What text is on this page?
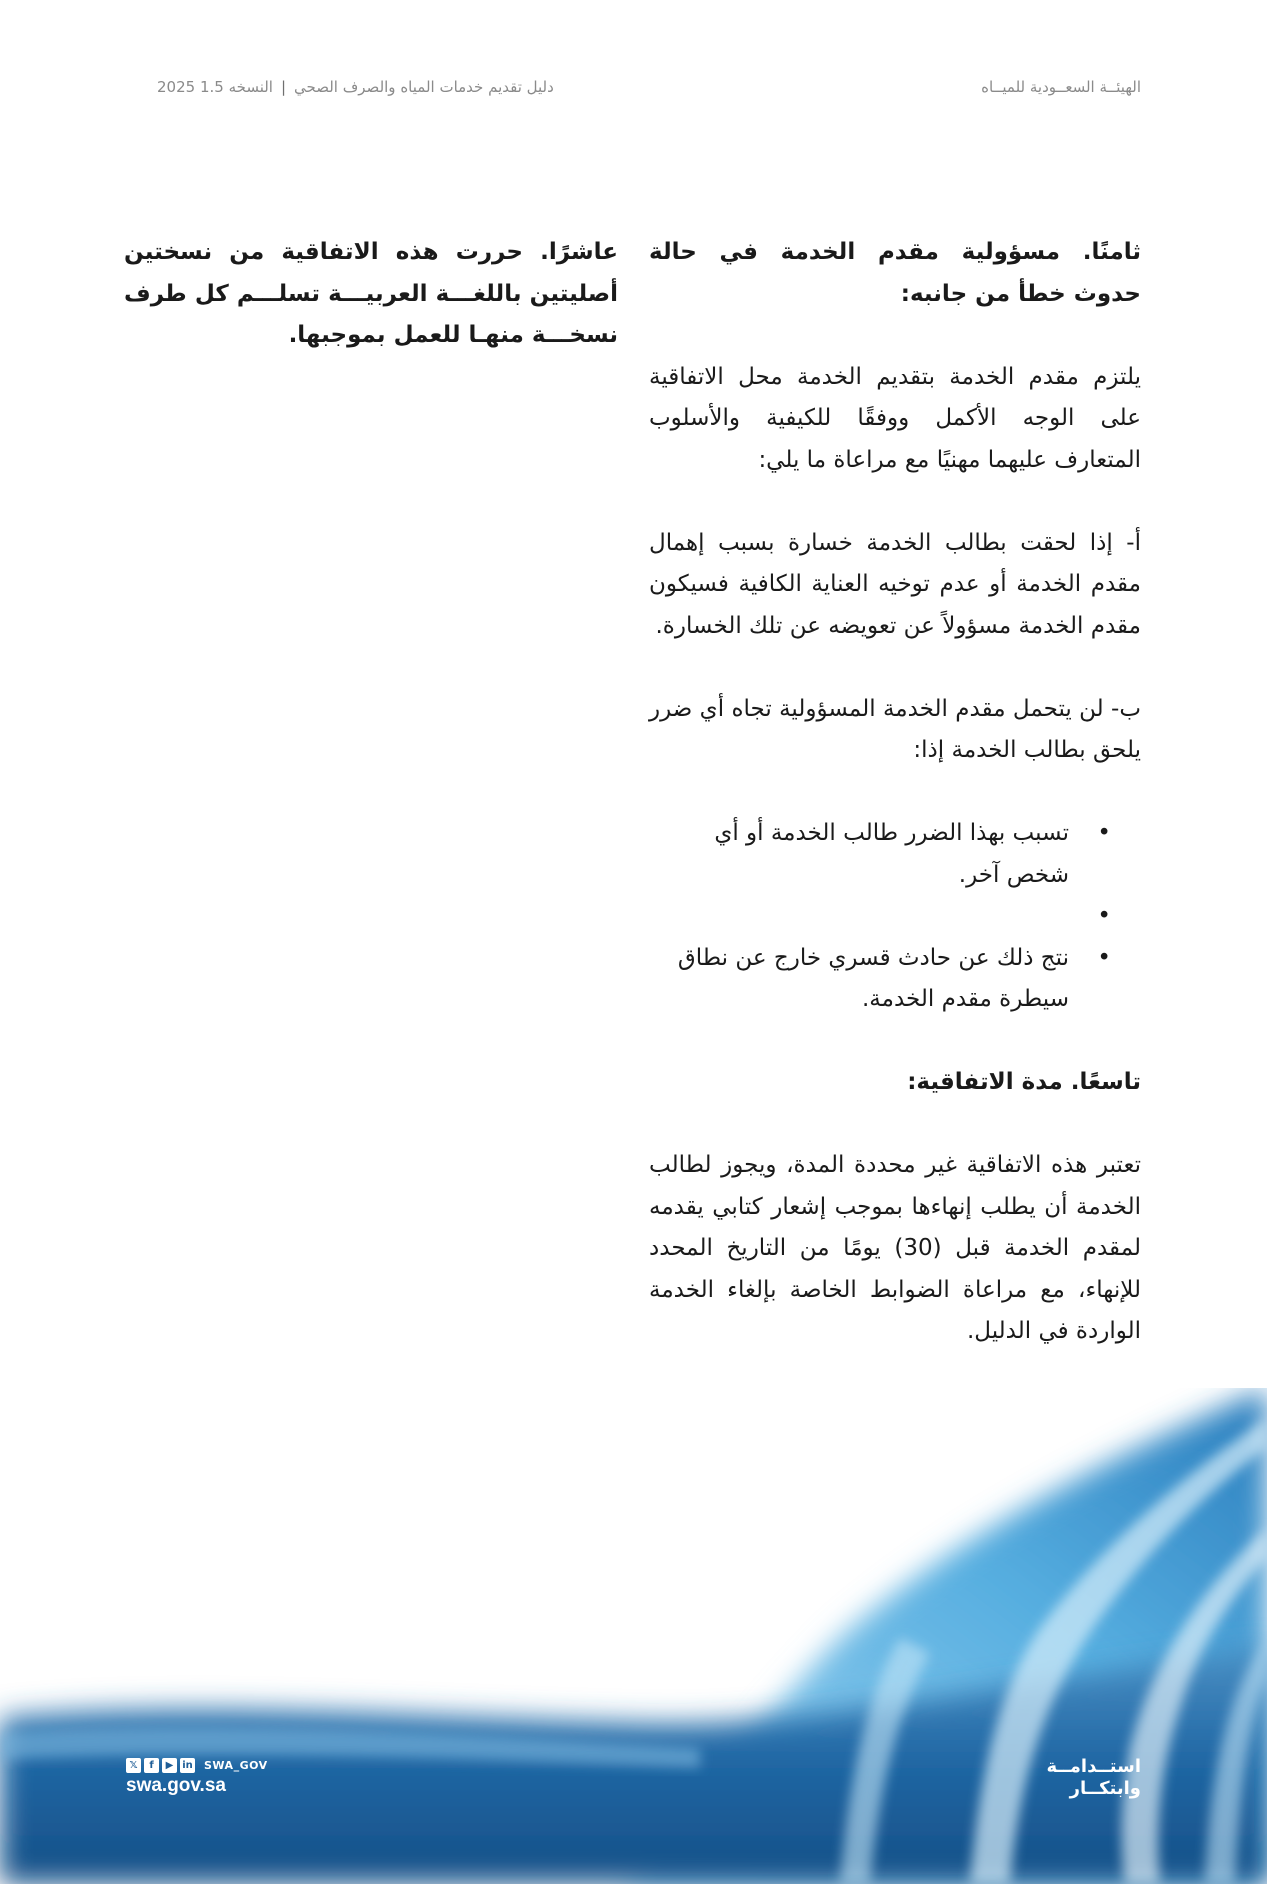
الهيئــة السعــودية للميــاه
دليل تقديم خدمات المياه والصرف الصحي|النسخه 1.5 2025

ثامنًا. مسؤولية مقدم الخدمة في حالة حدوث خطأ من جانبه:

يلتزم مقدم الخدمة بتقديم الخدمة محل الاتفاقية على الوجه الأكمل ووفقًا للكيفية والأسلوب المتعارف عليهما مهنيًا مع مراعاة ما يلي:

أ- إذا لحقت بطالب الخدمة خسارة بسبب إهمال مقدم الخدمة أو عدم توخيه العناية الكافية فسيكون مقدم الخدمة مسؤولاً عن تعويضه عن تلك الخسارة.

ب- لن يتحمل مقدم الخدمة المسؤولية تجاه أي ضرر يلحق بطالب الخدمة إذا:

• تسبب بهذا الضرر طالب الخدمة أو أي شخص آخر.
•
• نتج ذلك عن حادث قسري خارج عن نطاق سيطرة مقدم الخدمة.

تاسعًا. مدة الاتفاقية:

تعتبر هذه الاتفاقية غير محددة المدة، ويجوز لطالب الخدمة أن يطلب إنهاءها بموجب إشعار كتابي يقدمه لمقدم الخدمة قبل (30) يومًا من التاريخ المحدد للإنهاء، مع مراعاة الضوابط الخاصة بإلغاء الخدمة الواردة في الدليل.

عاشرًا. حررت هذه الاتفاقية من نسختين أصليتين باللغـــة العربيـــة تسلـــم كل طرف نسخـــة منهـا للعمل بموجبها.

𝕏	f	▶ in SWA_GOV
swa.gov.sa
استــدامــة
وابتكــار
